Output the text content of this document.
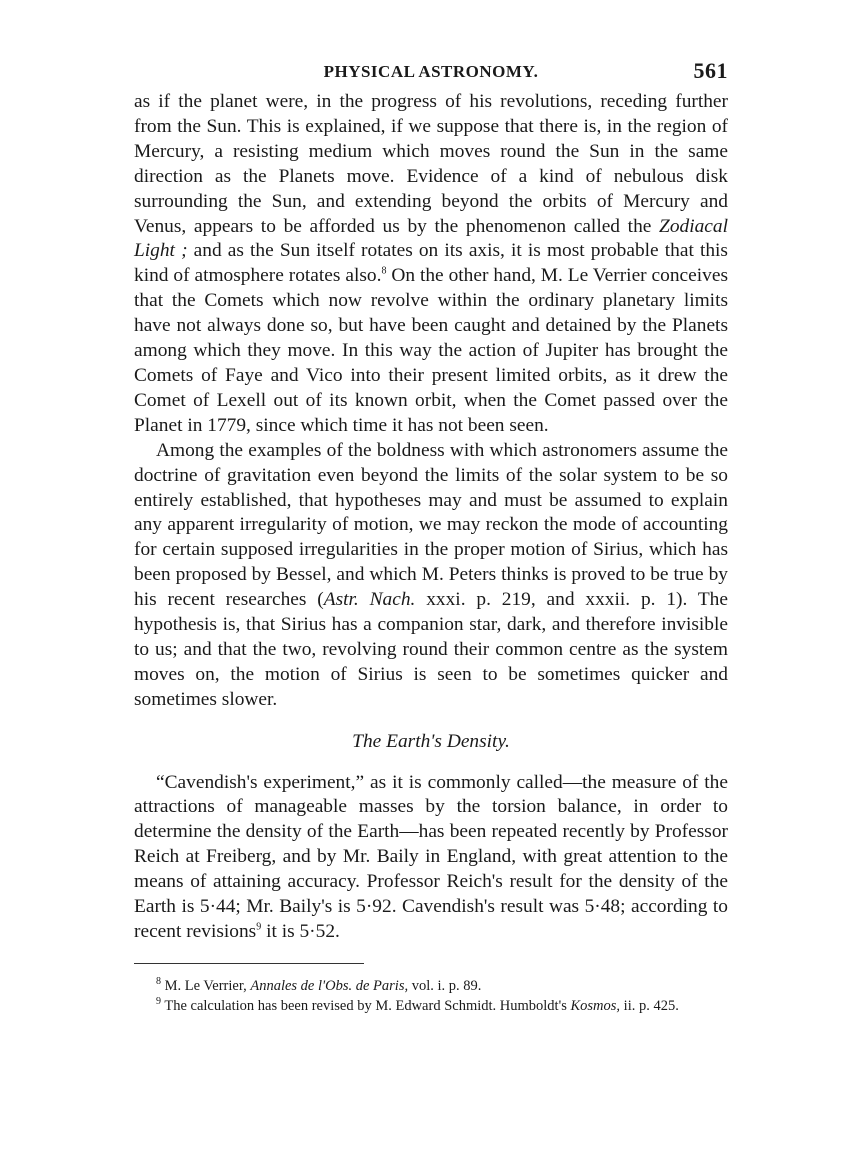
PHYSICAL ASTRONOMY.	561

as if the planet were, in the progress of his revolutions, receding further from the Sun. This is explained, if we suppose that there is, in the region of Mercury, a resisting medium which moves round the Sun in the same direction as the Planets move. Evidence of a kind of nebulous disk surrounding the Sun, and extending beyond the orbits of Mercury and Venus, appears to be afforded us by the phenomenon called the Zodiacal Light ; and as the Sun itself rotates on its axis, it is most probable that this kind of atmosphere rotates also.$^8$ On the other hand, M. Le Verrier conceives that the Comets which now revolve within the ordinary planetary limits have not always done so, but have been caught and detained by the Planets among which they move. In this way the action of Jupiter has brought the Comets of Faye and Vico into their present limited orbits, as it drew the Comet of Lexell out of its known orbit, when the Comet passed over the Planet in 1779, since which time it has not been seen.

Among the examples of the boldness with which astronomers assume the doctrine of gravitation even beyond the limits of the solar system to be so entirely established, that hypotheses may and must be assumed to explain any apparent irregularity of motion, we may reckon the mode of accounting for certain supposed irregularities in the proper motion of Sirius, which has been proposed by Bessel, and which M. Peters thinks is proved to be true by his recent researches (Astr. Nach. xxxi. p. 219, and xxxii. p. 1). The hypothesis is, that Sirius has a companion star, dark, and therefore invisible to us; and that the two, revolving round their common centre as the system moves on, the motion of Sirius is seen to be sometimes quicker and sometimes slower.

The Earth's Density.

“Cavendish's experiment,” as it is commonly called—the measure of the attractions of manageable masses by the torsion balance, in order to determine the density of the Earth—has been repeated recently by Professor Reich at Freiberg, and by Mr. Baily in England, with great attention to the means of attaining accuracy. Professor Reich's result for the density of the Earth is 5·44; Mr. Baily's is 5·92. Cavendish's result was 5·48; according to recent revisions$^9$ it is 5·52.

$^8$ M. Le Verrier, Annales de l'Obs. de Paris, vol. i. p. 89.

$^9$ The calculation has been revised by M. Edward Schmidt. Humboldt's Kosmos, ii. p. 425.
